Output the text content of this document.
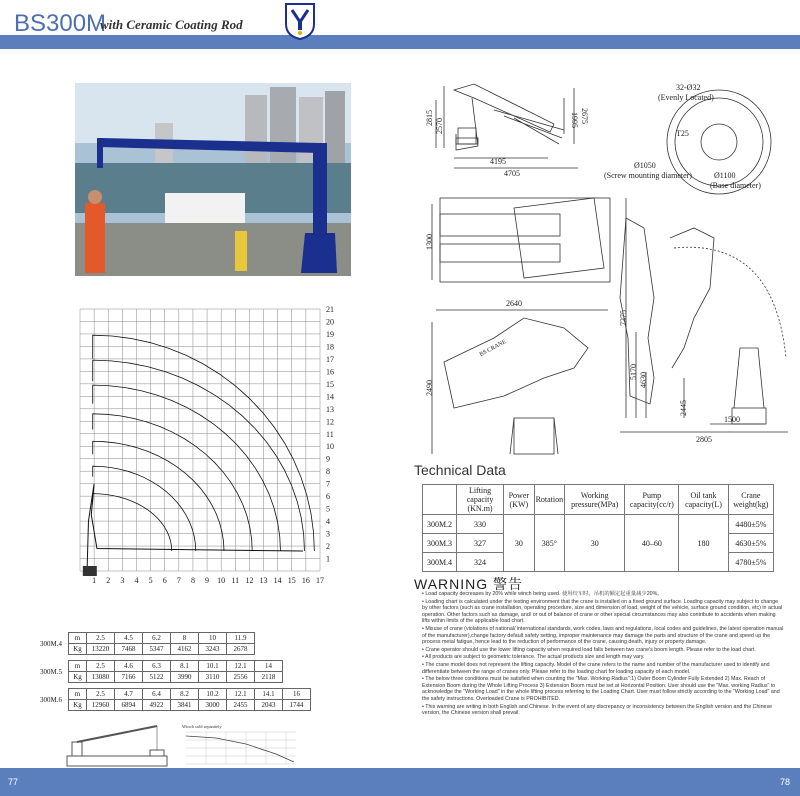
BS300M
with Ceramic Coating Rod
1 2 3 4 5 6 7 8 9 10 11 12 13 14 15 16 17
1
2
3
4
5
6
7
8
9
10
11
12
13
14
15
16
17
18
19
20
21
300M.4
m	2.5	4.5	6.2	8	10	11.9
Kg	13220	7468	5347	4162	3243	2678
300M.5
m	2.5	4.6	6.3	8.1	10.1	12.1	14
Kg	13080	7166	5122	3990	3110	2556	2118
300M.6
m	2.5	4.7	6.4	8.2	10.2	12.1	14.1	16
Kg	12960	6894	4922	3841	3000	2455	2043	1744
Winch sold separately
2815 2570	1995 2675
4195
4705
32-Ø32
(Evenly Located)
T25
Ø1050
(Screw mounting diameter)	Ø1100
(Base diameter)
1300
2640
2490
7375
5170 4630
2445
1500
2805
BS CRANE
Technical Data
	Lifting capacity (KN.m)	Power (KW)	Rotation	Working pressure(MPa)	Pump capacity(cc/r)	Oil tank capacity(L)	Crane weight(kg)
300M.2	330	30	385°	30	40–60	180	4480±5%
300M.3	327						4630±5%
300M.4	324						4780±5%
WARNING 警告

• Load capacity decreases by 20% while winch being used. 使用绞车时，吊机的额定起重量减少20%。

• Loading chart is calculated under the testing environment that the crane is installed on a fixed ground surface. Loading capacity may subject to change by other factors (such as crane installation, operating procedure, size and dimension of load, weight of the vehicle, surface ground condition, etc) in actual operation. Other factors such as damage, and/ or out of balance of crane or other special circumstances may also contribute to accidents when making lifts within limits of the applicable load chart.

• Misuse of crane (violations of national/ international standards, work codes, laws and regulations, local codes and guidelines, the latest operation manual of the manufacturer),change factory default safety setting, improper maintenance may damage the parts and structure of the crane and speed up the process metal fatigue, hence lead to the reduction of performance of the crane, causing death, injury or property damage.

• Crane operator should use the lower lifting capacity when required load falls between two crane's boom length. Please refer to the load chart.

• All products are subject to geometric tolerance. The actual products size and length may vary.

• The crane model does not represent the lifting capacity. Model of the crane refers to the name and number of the manufacturer used to identify and differentiate between the range of cranes only. Please refer to the loading chart for loading capacity of each model.

• The below three conditions must be satisfied when counting the "Max. Working Radius":1) Outer Boom Cylinder Fully Extended 2) Max. Reach of Extension Boom during the Whole Lifting Process 3) Extension Boom must be set at Horizontal Position. User should use the "Max. working Radius" to acknowledge the "Working Load" in the whole lifting process referring to the Loading Chart. User must follow strictly according to the "Working Load" and the safety instructions. Overloaded Crane is PROHIBITED.

• This warning are writing in both English and Chinese. In the event of any discrepancy or inconsistency between the English version and the Chinese version, the Chinese version shall prevail.

77	78
